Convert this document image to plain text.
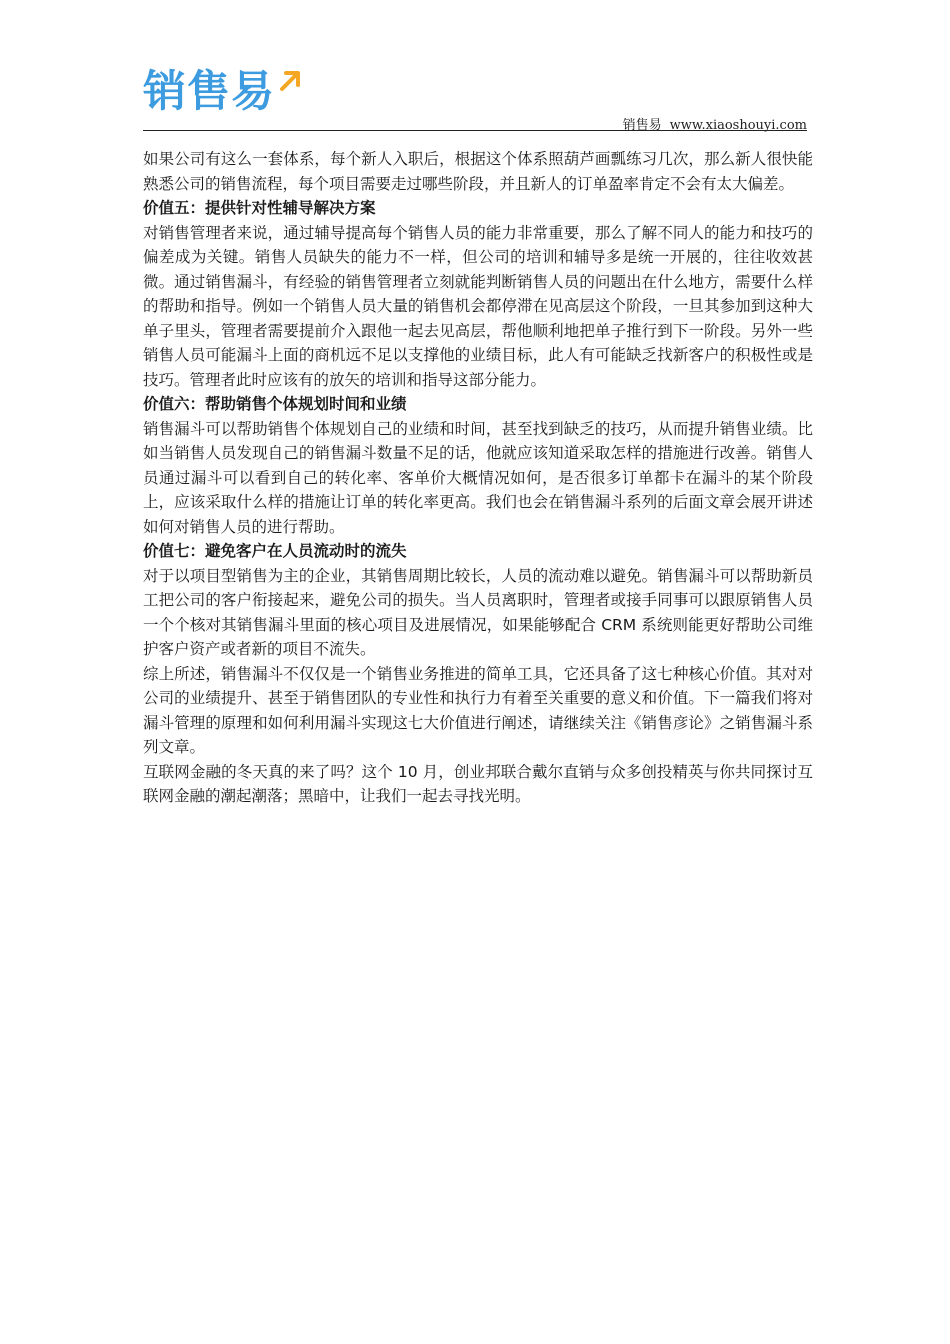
销售易
销售易 www.xiaoshouyi.com

如果公司有这么一套体系，每个新人入职后，根据这个体系照葫芦画瓢练习几次，那么新人很快能熟悉公司的销售流程，每个项目需要走过哪些阶段，并且新人的订单盈率肯定不会有太大偏差。

价值五：提供针对性辅导解决方案

对销售管理者来说，通过辅导提高每个销售人员的能力非常重要，那么了解不同人的能力和技巧的偏差成为关键。销售人员缺失的能力不一样，但公司的培训和辅导多是统一开展的，往往收效甚微。通过销售漏斗，有经验的销售管理者立刻就能判断销售人员的问题出在什么地方，需要什么样的帮助和指导。例如一个销售人员大量的销售机会都停滞在见高层这个阶段，一旦其参加到这种大单子里头，管理者需要提前介入跟他一起去见高层，帮他顺利地把单子推行到下一阶段。另外一些销售人员可能漏斗上面的商机远不足以支撑他的业绩目标，此人有可能缺乏找新客户的积极性或是技巧。管理者此时应该有的放矢的培训和指导这部分能力。

价值六：帮助销售个体规划时间和业绩

销售漏斗可以帮助销售个体规划自己的业绩和时间，甚至找到缺乏的技巧，从而提升销售业绩。比如当销售人员发现自己的销售漏斗数量不足的话，他就应该知道采取怎样的措施进行改善。销售人员通过漏斗可以看到自己的转化率、客单价大概情况如何，是否很多订单都卡在漏斗的某个阶段上，应该采取什么样的措施让订单的转化率更高。我们也会在销售漏斗系列的后面文章会展开讲述如何对销售人员的进行帮助。

价值七：避免客户在人员流动时的流失

对于以项目型销售为主的企业，其销售周期比较长，人员的流动难以避免。销售漏斗可以帮助新员工把公司的客户衔接起来，避免公司的损失。当人员离职时，管理者或接手同事可以跟原销售人员一个个核对其销售漏斗里面的核心项目及进展情况，如果能够配合 CRM 系统则能更好帮助公司维护客户资产或者新的项目不流失。

综上所述，销售漏斗不仅仅是一个销售业务推进的简单工具，它还具备了这七种核心价值。其对对公司的业绩提升、甚至于销售团队的专业性和执行力有着至关重要的意义和价值。下一篇我们将对漏斗管理的原理和如何利用漏斗实现这七大价值进行阐述，请继续关注《销售彦论》之销售漏斗系列文章。

互联网金融的冬天真的来了吗？这个 10 月，创业邦联合戴尔直销与众多创投精英与你共同探讨互联网金融的潮起潮落；黑暗中，让我们一起去寻找光明。
